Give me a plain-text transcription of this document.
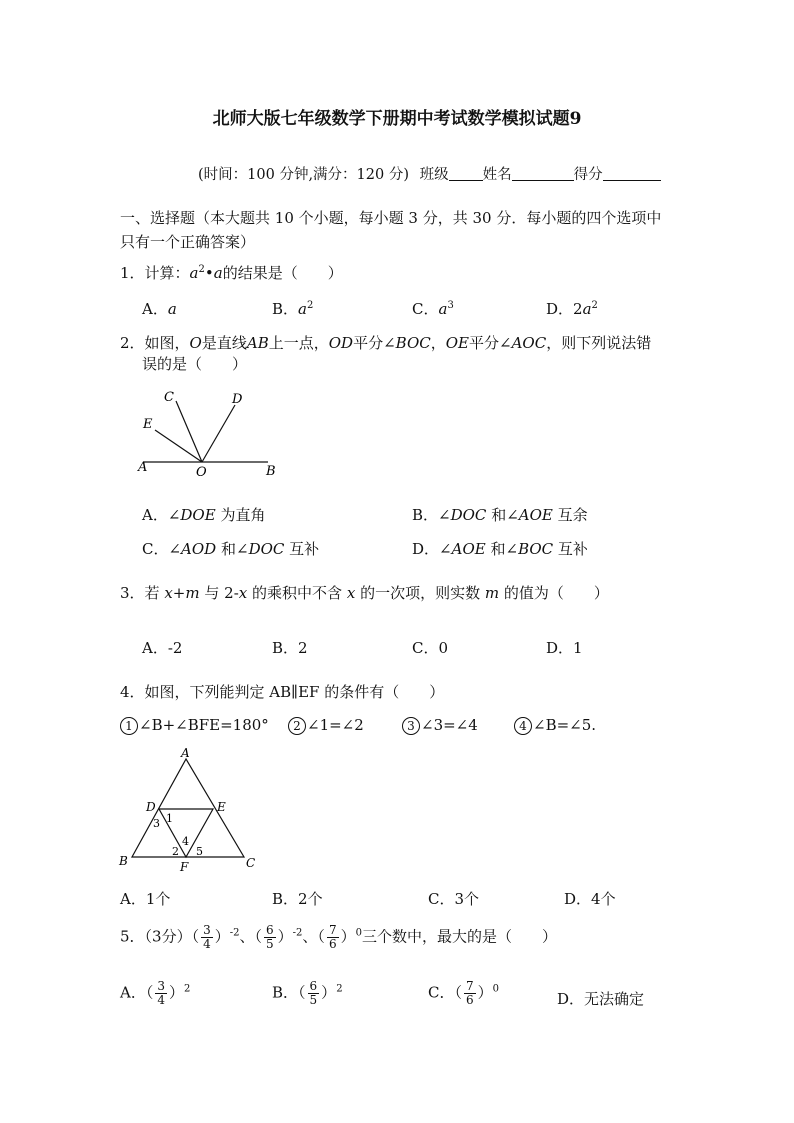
北师大版七年级数学下册期中考试数学模拟试题9
(时间：100 分钟,满分：120 分) 班级 姓名	得分
一、选择题（本大题共 10 个小题，每小题 3 分，共 30 分．每小题的四个选项中
只有一个正确答案）
1．计算：$a^2•a$的结果是（　　）
A．a	B．$a^2$	C．$a^3$	D．$2a^2$
2．如图，O是直线AB上一点，OD平分∠BOC，OE平分∠AOC，则下列说法错
误的是（　　）
C	D
E
A	O	B
A．∠DOE 为直角	B．∠DOC 和∠AOE 互余
C．∠AOD 和∠DOC 互补	D．∠AOE 和∠BOC 互补
3．若 x+m 与 2-x 的乘积中不含 x 的一次项，则实数 m 的值为（　　）
A．-2	B．2	C．0	D．1
4．如图，下列能判定 AB∥EF 的条件有（　　）
1 ∠B+∠BFE=180°	2 ∠1=∠2	3 ∠3=∠4	4 ∠B=∠5.
A
D	E
B	F	C
1
3
4
2 5
A．1个	B．2个	C．3个	D．4个
5．（3分）（ $\frac{3}{4} )^{-2}$、（ $\frac{6}{5} )^{-2}$、（ $\frac{7}{6} )^0$三个数中，最大的是（　　）
A．（ $\frac{3}{4} )^2$	B．（ $\frac{6}{5} )^2$	C．（ $\frac{7}{6} )^0$
D．无法确定
